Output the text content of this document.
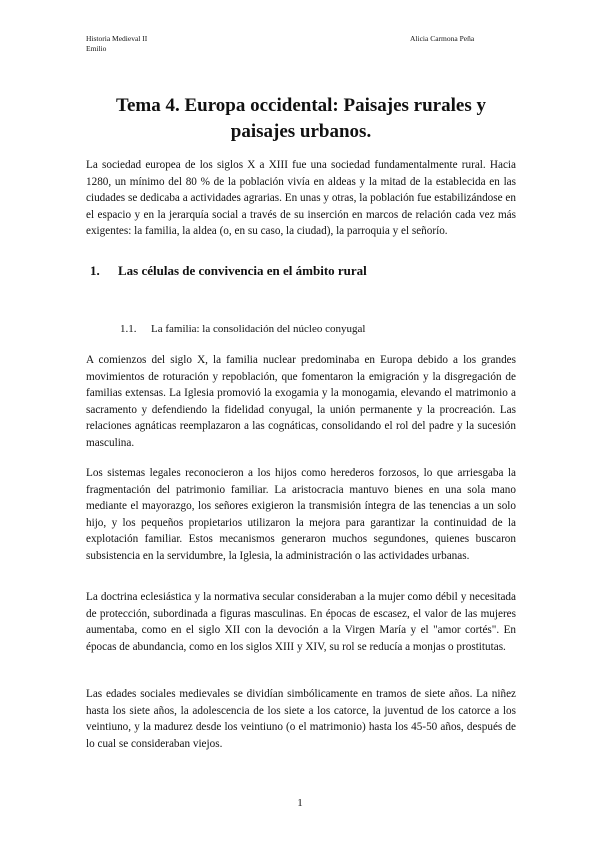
Historia Medieval II
Emilio
Alicia Carmona Peña
Tema 4. Europa occidental: Paisajes rurales y paisajes urbanos.

La sociedad europea de los siglos X a XIII fue una sociedad fundamentalmente rural. Hacia 1280, un mínimo del 80 % de la población vivía en aldeas y la mitad de la establecida en las ciudades se dedicaba a actividades agrarias. En unas y otras, la población fue estabilizándose en el espacio y en la jerarquía social a través de su inserción en marcos de relación cada vez más exigentes: la familia, la aldea (o, en su caso, la ciudad), la parroquia y el señorío.

1. Las células de convivencia en el ámbito rural
1.1. La familia: la consolidación del núcleo conyugal

A comienzos del siglo X, la familia nuclear predominaba en Europa debido a los grandes movimientos de roturación y repoblación, que fomentaron la emigración y la disgregación de familias extensas. La Iglesia promovió la exogamia y la monogamia, elevando el matrimonio a sacramento y defendiendo la fidelidad conyugal, la unión permanente y la procreación. Las relaciones agnáticas reemplazaron a las cognáticas, consolidando el rol del padre y la sucesión masculina.

Los sistemas legales reconocieron a los hijos como herederos forzosos, lo que arriesgaba la fragmentación del patrimonio familiar. La aristocracia mantuvo bienes en una sola mano mediante el mayorazgo, los señores exigieron la transmisión íntegra de las tenencias a un solo hijo, y los pequeños propietarios utilizaron la mejora para garantizar la continuidad de la explotación familiar. Estos mecanismos generaron muchos segundones, quienes buscaron subsistencia en la servidumbre, la Iglesia, la administración o las actividades urbanas.

La doctrina eclesiástica y la normativa secular consideraban a la mujer como débil y necesitada de protección, subordinada a figuras masculinas. En épocas de escasez, el valor de las mujeres aumentaba, como en el siglo XII con la devoción a la Virgen María y el "amor cortés". En épocas de abundancia, como en los siglos XIII y XIV, su rol se reducía a monjas o prostitutas.

Las edades sociales medievales se dividían simbólicamente en tramos de siete años. La niñez hasta los siete años, la adolescencia de los siete a los catorce, la juventud de los catorce a los veintiuno, y la madurez desde los veintiuno (o el matrimonio) hasta los 45-50 años, después de lo cual se consideraban viejos.

1
